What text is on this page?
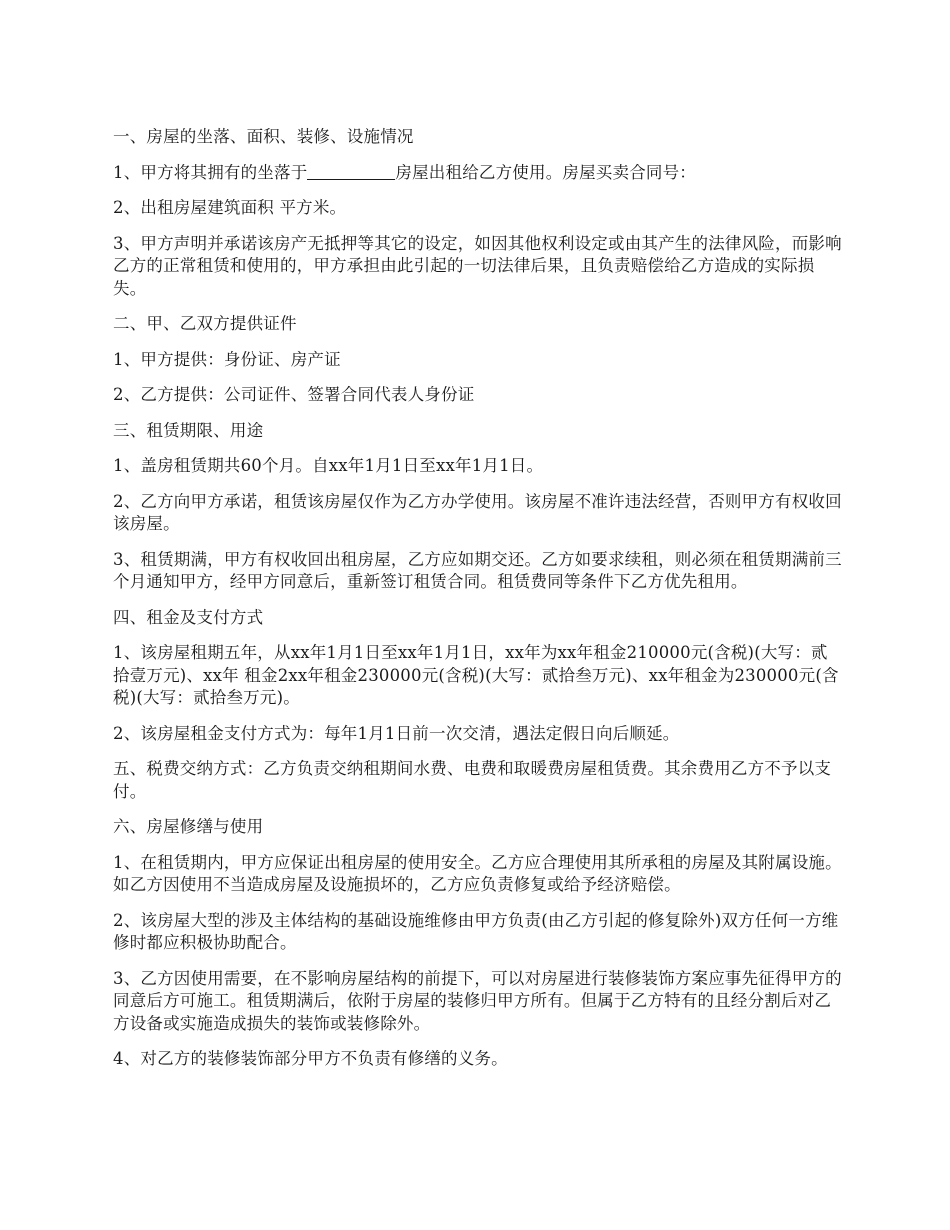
一、房屋的坐落、面积、装修、设施情况

1、甲方将其拥有的坐落于	房屋出租给乙方使用。房屋买卖合同号：

2、出租房屋建筑面积 平方米。

3、甲方声明并承诺该房产无抵押等其它的设定，如因其他权利设定或由其产生的法律风险，而影响乙方的正常租赁和使用的，甲方承担由此引起的一切法律后果，且负责赔偿给乙方造成的实际损失。

二、甲、乙双方提供证件

1、甲方提供：身份证、房产证

2、乙方提供：公司证件、签署合同代表人身份证

三、租赁期限、用途

1、盖房租赁期共60个月。自xx年1月1日至xx年1月1日。

2、乙方向甲方承诺，租赁该房屋仅作为乙方办学使用。该房屋不准许违法经营，否则甲方有权收回该房屋。

3、租赁期满，甲方有权收回出租房屋，乙方应如期交还。乙方如要求续租，则必须在租赁期满前三个月通知甲方，经甲方同意后，重新签订租赁合同。租赁费同等条件下乙方优先租用。

四、租金及支付方式

1、该房屋租期五年，从xx年1月1日至xx年1月1日，xx年为xx年租金210000元(含税)(大写：贰拾壹万元)、xx年 租金2xx年租金230000元(含税)(大写：贰拾叁万元)、xx年租金为230000元(含税)(大写：贰拾叁万元)。

2、该房屋租金支付方式为：每年1月1日前一次交清，遇法定假日向后顺延。

五、税费交纳方式：乙方负责交纳租期间水费、电费和取暖费房屋租赁费。其余费用乙方不予以支付。

六、房屋修缮与使用

1、在租赁期内，甲方应保证出租房屋的使用安全。乙方应合理使用其所承租的房屋及其附属设施。如乙方因使用不当造成房屋及设施损坏的，乙方应负责修复或给予经济赔偿。

2、该房屋大型的涉及主体结构的基础设施维修由甲方负责(由乙方引起的修复除外)双方任何一方维修时都应积极协助配合。

3、乙方因使用需要，在不影响房屋结构的前提下，可以对房屋进行装修装饰方案应事先征得甲方的同意后方可施工。租赁期满后，依附于房屋的装修归甲方所有。但属于乙方特有的且经分割后对乙方设备或实施造成损失的装饰或装修除外。

4、对乙方的装修装饰部分甲方不负责有修缮的义务。
